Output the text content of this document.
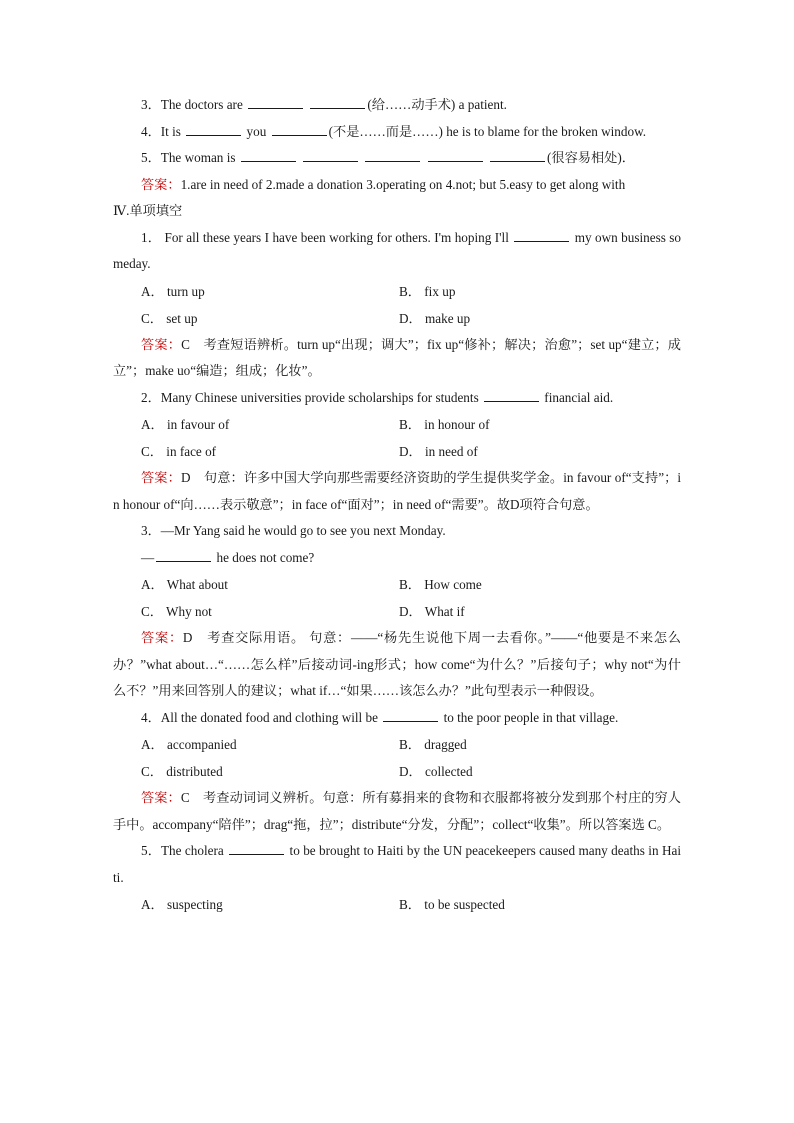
3．The doctors are	(给……动手术) a patient.

4．It is	you	(不是……而是……) he is to blame for the broken window.

5．The woman is	(很容易相处)．

答案：1.are in need of 2.made a donation 3.operating on 4.not; but 5.easy to get along with

Ⅳ.单项填空

1． For all these years I have been working for others. I'm hoping I'll	my own business someday.

A． turn up	B． fix up
C． set up	D． make up

答案：C　考查短语辨析。turn up“出现；调大”；fix up“修补；解决；治愈”；set up“建立；成立”；make uo“编造；组成；化妆”。

2．Many Chinese universities provide scholarships for students	financial aid.

A． in favour of	B． in honour of
C． in face of	D． in need of

答案：D　句意：许多中国大学向那些需要经济资助的学生提供奖学金。in favour of“支持”；in honour of“向……表示敬意”；in face of“面对”；in need of“需要”。故D项符合句意。

3．—Mr Yang said he would go to see you next Monday.

—	he does not come?

A． What about	B． How come
C． Why not	D． What if

答案：D　考查交际用语。 句意：——“杨先生说他下周一去看你。”——“他要是不来怎么办？”what about…“……怎么样”后接动词-ing形式；how come“为什么？”后接句子；why not“为什么不？”用来回答别人的建议；what if…“如果……该怎么办？”此句型表示一种假设。

4．All the donated food and clothing will be	to the poor people in that village.

A． accompanied	B． dragged
C． distributed	D． collected

答案：C　考查动词词义辨析。句意：所有募捐来的食物和衣服都将被分发到那个村庄的穷人手中。accompany“陪伴”；drag“拖，拉”；distribute“分发，分配”；collect“收集”。所以答案选 C。

5．The cholera	to be brought to Haiti by the UN peacekeepers caused many deaths in Haiti.

A． suspecting	B． to be suspected
